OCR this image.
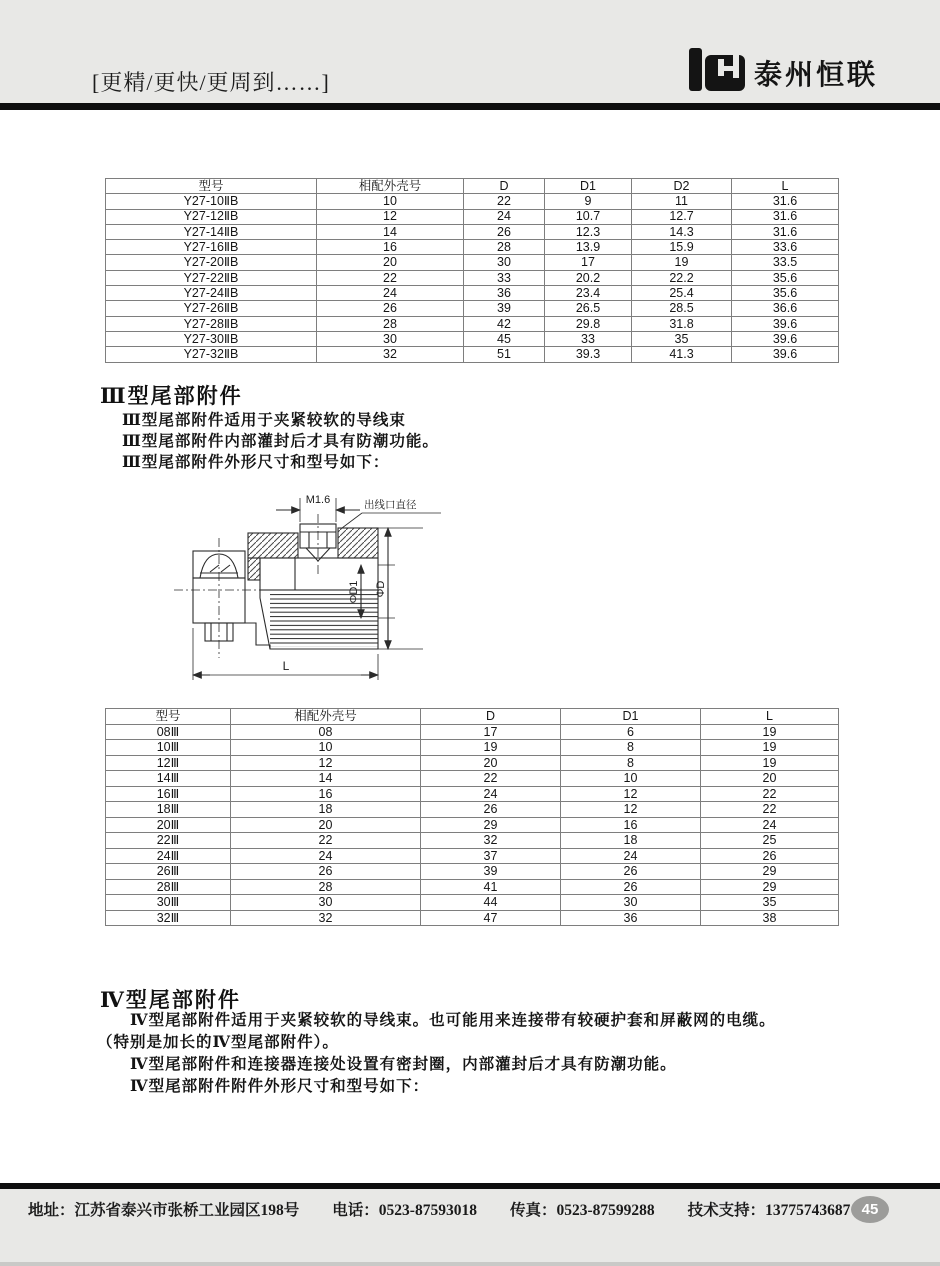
[更精/更快/更周到……]	泰州恒联
型号	相配外壳号	D	D1	D2	L
Y27-10ⅡB	10	22	9	11	31.6
Y27-12ⅡB	12	24	10.7	12.7	31.6
Y27-14ⅡB	14	26	12.3	14.3	31.6
Y27-16ⅡB	16	28	13.9	15.9	33.6
Y27-20ⅡB	20	30	17	19	33.5
Y27-22ⅡB	22	33	20.2	22.2	35.6
Y27-24ⅡB	24	36	23.4	25.4	35.6
Y27-26ⅡB	26	39	26.5	28.5	36.6
Y27-28ⅡB	28	42	29.8	31.8	39.6
Y27-30ⅡB	30	45	33	35	39.6
Y27-32ⅡB	32	51	39.3	41.3	39.6
Ⅲ型尾部附件
Ⅲ型尾部附件适用于夹紧较软的导线束
Ⅲ型尾部附件内部灌封后才具有防潮功能。
Ⅲ型尾部附件外形尺寸和型号如下：
M1.6	出线口直径
ΦD1 ΦD
L
型号	相配外壳号	D	D1	L
08Ⅲ	08	17	6	19
10Ⅲ	10	19	8	19
12Ⅲ	12	20	8	19
14Ⅲ	14	22	10	20
16Ⅲ	16	24	12	22
18Ⅲ	18	26	12	22
20Ⅲ	20	29	16	24
22Ⅲ	22	32	18	25
24Ⅲ	24	37	24	26
26Ⅲ	26	39	26	29
28Ⅲ	28	41	26	29
30Ⅲ	30	44	30	35
32Ⅲ	32	47	36	38
Ⅳ型尾部附件
Ⅳ型尾部附件适用于夹紧较软的导线束。也可能用来连接带有较硬护套和屏蔽网的电缆。
（特别是加长的Ⅳ型尾部附件）。
Ⅳ型尾部附件和连接器连接处设置有密封圈，内部灌封后才具有防潮功能。
Ⅳ型尾部附件附件外形尺寸和型号如下：
地址：江苏省泰兴市张桥工业园区198号 电话：0523-87593018 传真：0523-87599288 技术支持：13775743687 45
